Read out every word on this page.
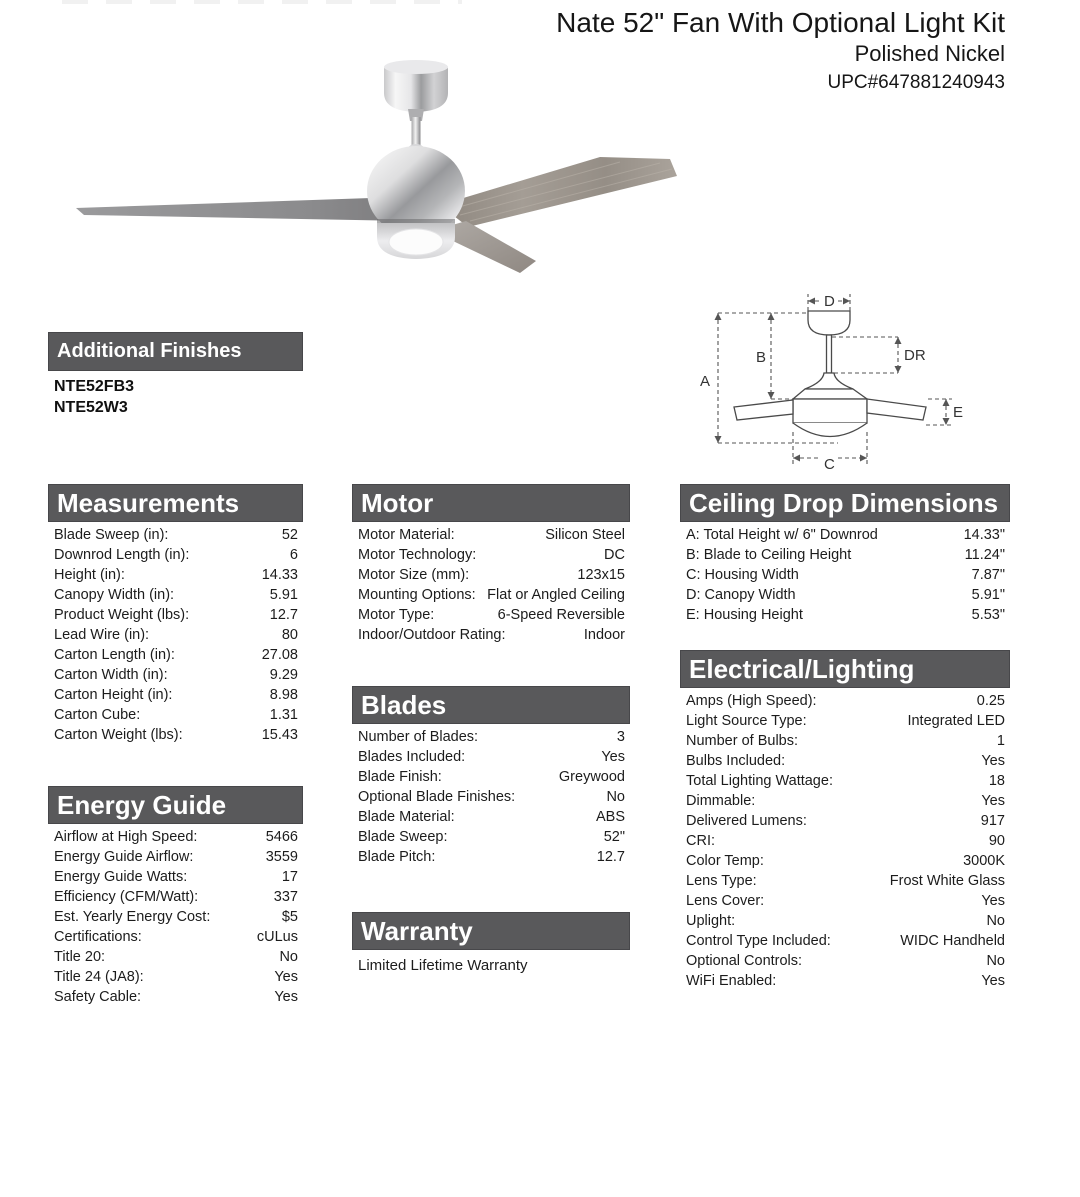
Nate 52" Fan With Optional Light Kit
Polished Nickel
UPC#647881240943
D
A
B	DR
E
C
Additional Finishes
NTE52FB3
NTE52W3
Measurements
Blade Sweep (in):	52
Downrod Length (in):	6
Height (in):	14.33
Canopy Width (in):	5.91
Product Weight (lbs):	12.7
Lead Wire (in):	80
Carton Length (in):	27.08
Carton Width (in):	9.29
Carton Height (in):	8.98
Carton Cube:	1.31
Carton Weight (lbs):	15.43
Energy Guide
Airflow at High Speed:	5466
Energy Guide Airflow:	3559
Energy Guide Watts:	17
Efficiency (CFM/Watt):	337
Est. Yearly Energy Cost:	$5
Certifications:	cULus
Title 20:	No
Title 24 (JA8):	Yes
Safety Cable:	Yes
Motor
Motor Material:	Silicon Steel
Motor Technology:	DC
Motor Size (mm):	123x15
Mounting Options: Flat or Angled Ceiling
Motor Type:	6-Speed Reversible
Indoor/Outdoor Rating:	Indoor
Blades
Number of Blades:	3
Blades Included:	Yes
Blade Finish:	Greywood
Optional Blade Finishes:	No
Blade Material:	ABS
Blade Sweep:	52"
Blade Pitch:	12.7
Warranty
Limited Lifetime Warranty
Ceiling Drop Dimensions
A: Total Height w/ 6" Downrod	14.33"
B: Blade to Ceiling Height	11.24"
C: Housing Width	7.87"
D: Canopy Width	5.91"
E: Housing Height	5.53"
Electrical/Lighting
Amps (High Speed):	0.25
Light Source Type:	Integrated LED
Number of Bulbs:	1
Bulbs Included:	Yes
Total Lighting Wattage:	18
Dimmable:	Yes
Delivered Lumens:	917
CRI:	90
Color Temp:	3000K
Lens Type:	Frost White Glass
Lens Cover:	Yes
Uplight:	No
Control Type Included:	WIDC Handheld
Optional Controls:	No
WiFi Enabled:	Yes
